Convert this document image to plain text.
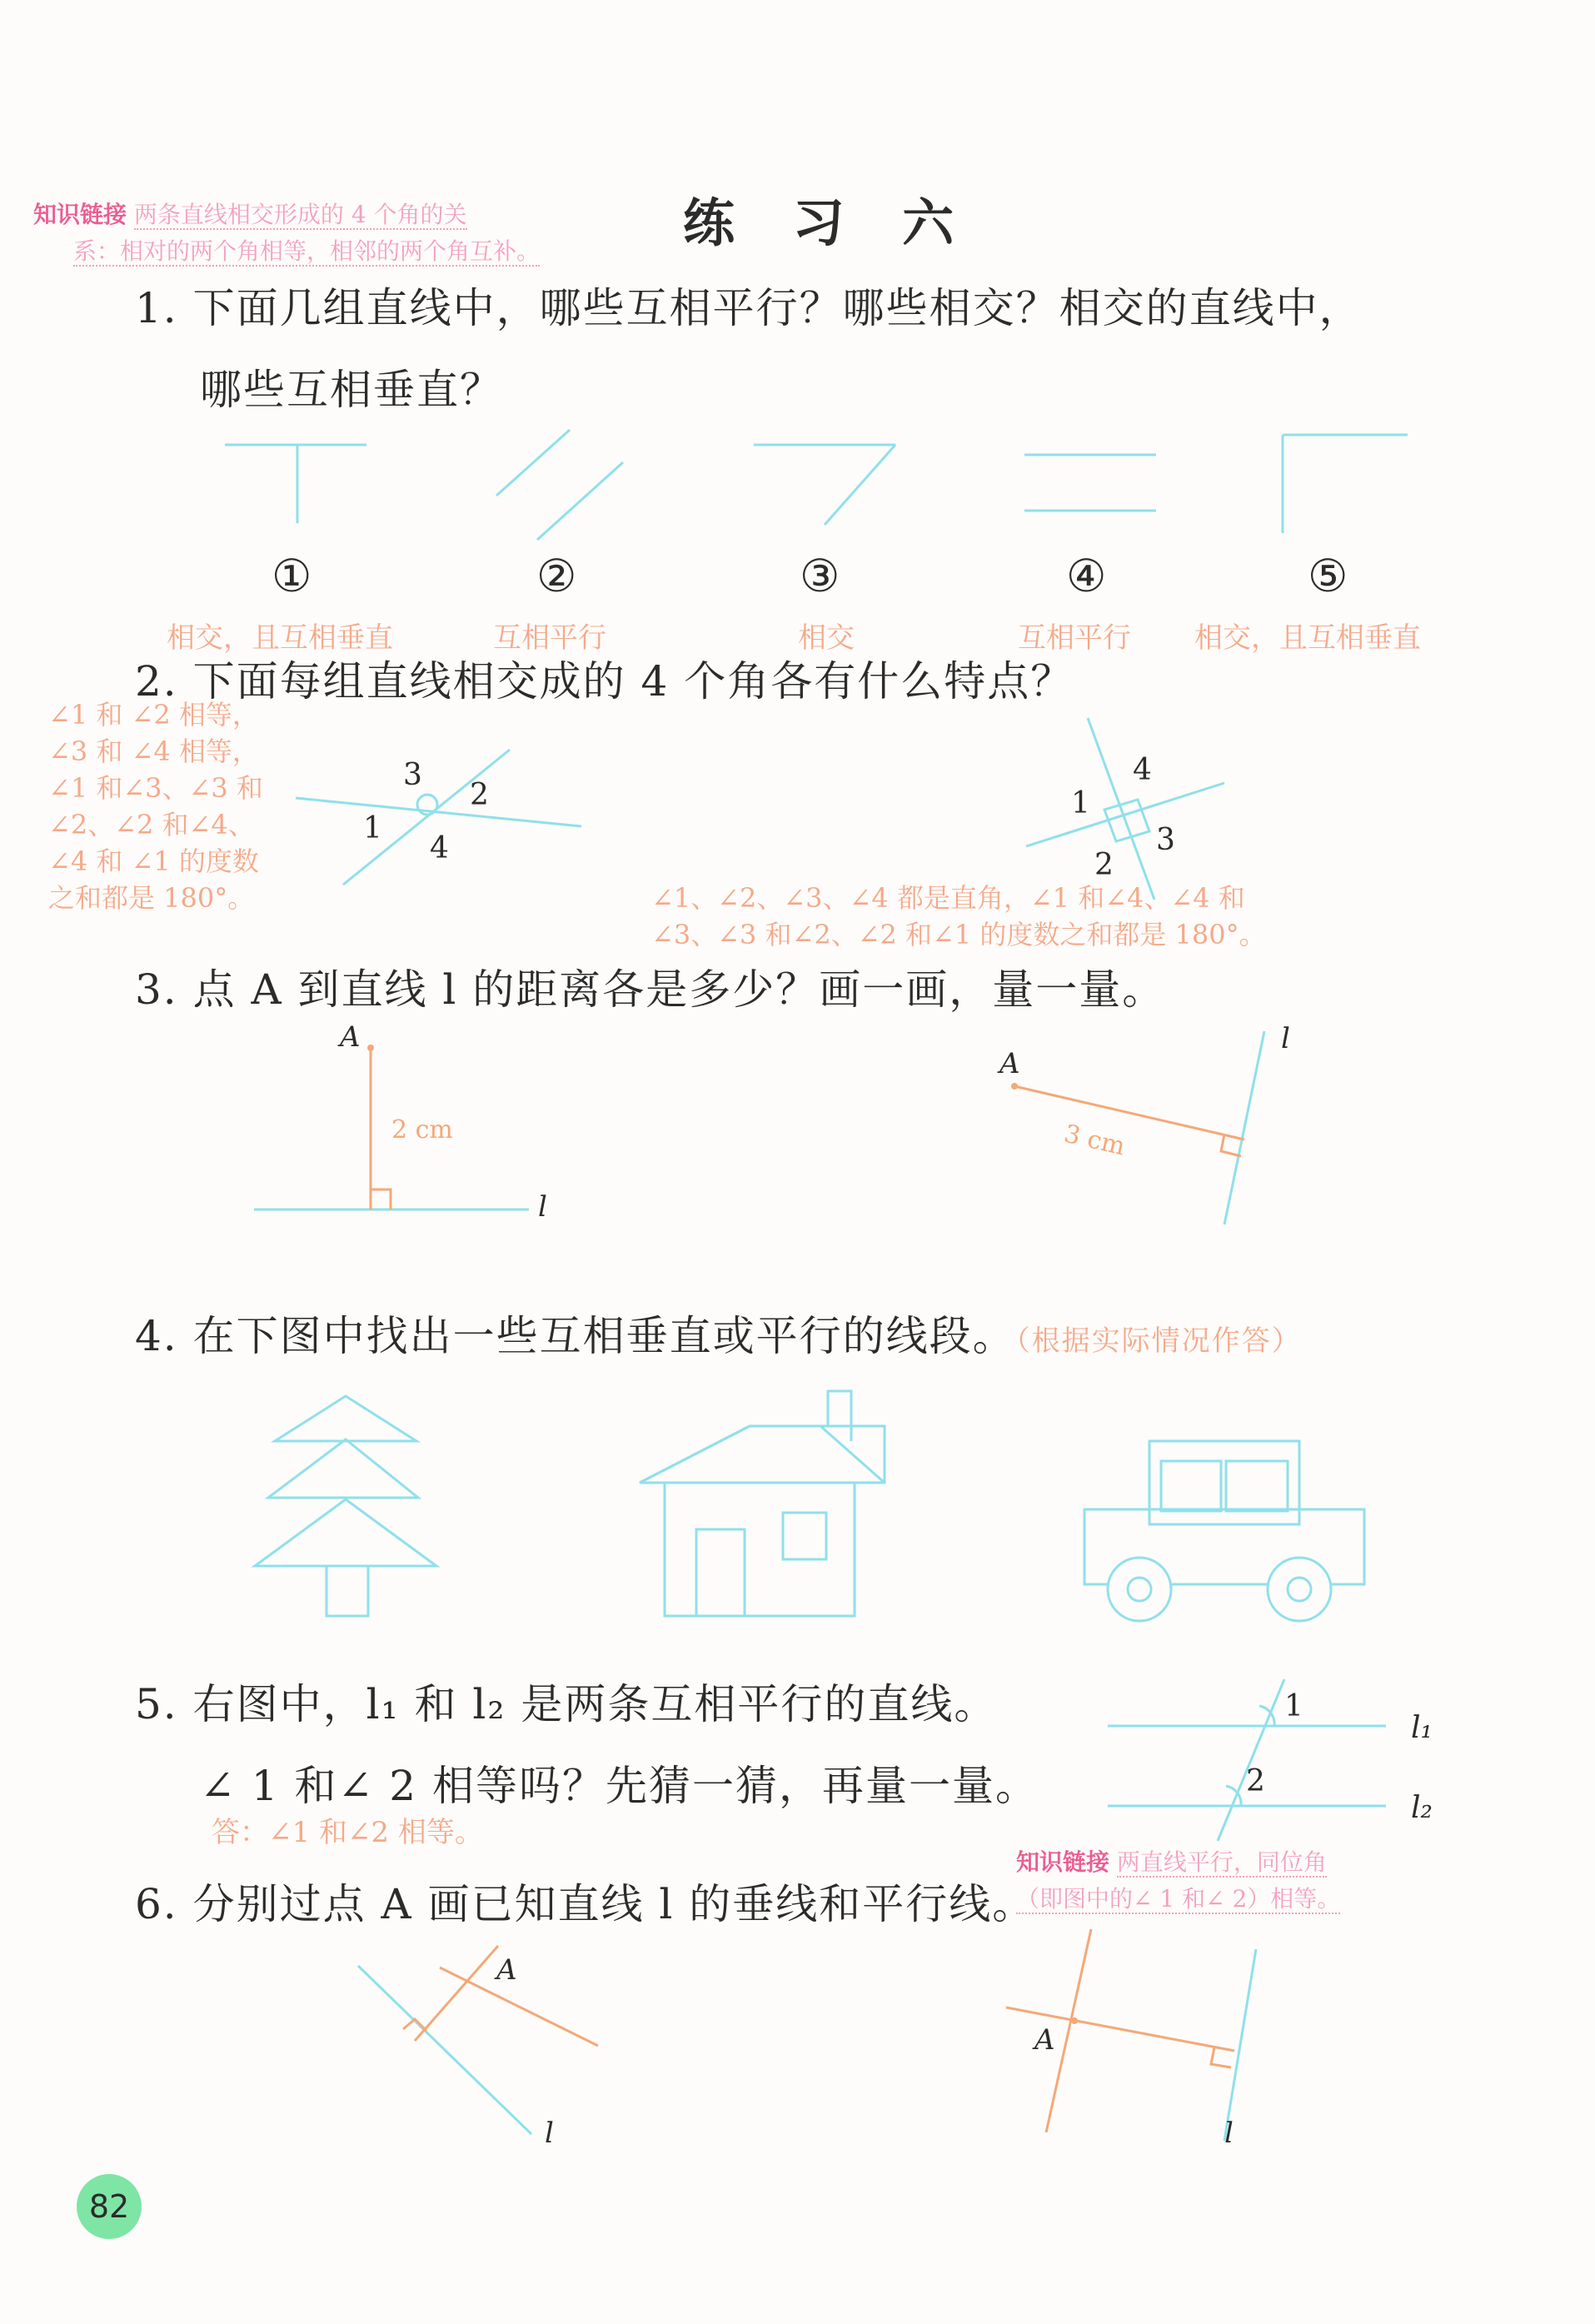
练 习 六
知识链接 两条直线相交形成的 4 个角的关
系：相对的两个角相等，相邻的两个角互补。
1. 下面几组直线中，哪些互相平行？哪些相交？相交的直线中，
哪些互相垂直？
①	②	③	④	⑤
相交，且互相垂直	互相平行	相交	互相平行 相交，且互相垂直
2. 下面每组直线相交成的 4 个角各有什么特点？
∠1 和 ∠2 相等，
∠3 和 ∠4 相等，
∠1 和∠3、∠3 和
∠2、∠2 和∠4、
∠4 和 ∠1 的度数
之和都是 180°。
3
2
1
4
4
1
3
2
∠1、∠2、∠3、∠4 都是直角，∠1 和∠4、∠4 和
∠3、∠3 和∠2、∠2 和∠1 的度数之和都是 180°。
3. 点 A 到直线 l 的距离各是多少？画一画，量一量。
A
l
A
l
2 cm	3 cm
4. 在下图中找出一些互相垂直或平行的线段。（根据实际情况作答）
5. 右图中，l₁ 和 l₂ 是两条互相平行的直线。
∠ 1 和∠ 2 相等吗？先猜一猜，再量一量。
答：∠1 和∠2 相等。
1
2
l₁
l₂
6. 分别过点 A 画已知直线 l 的垂线和平行线。
知识链接 两直线平行，同位角
（即图中的∠ 1 和∠ 2）相等。
A
l
A
l
82
